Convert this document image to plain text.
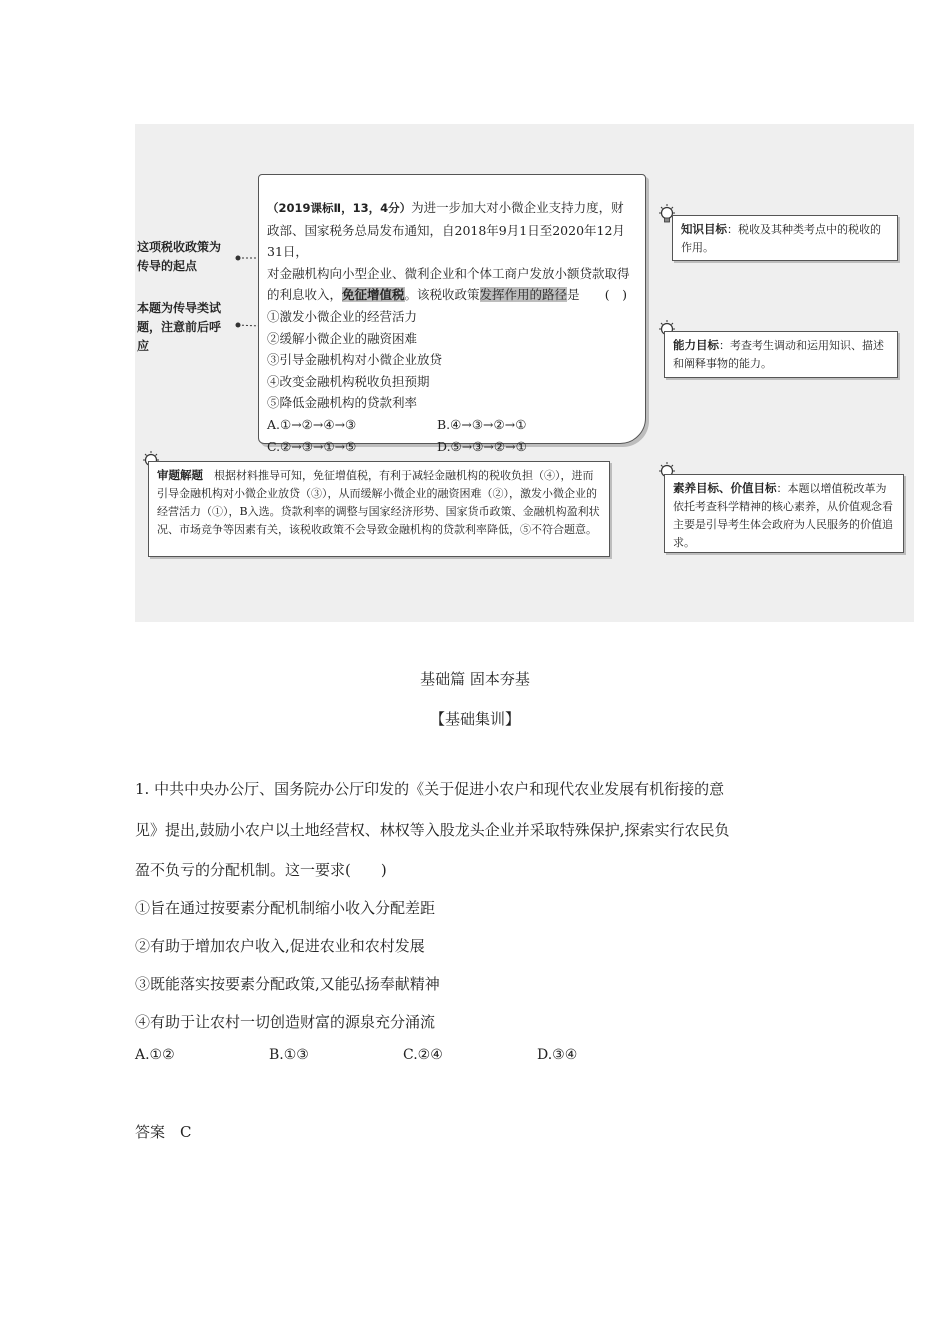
这项税收政策为
传导的起点
本题为传导类试
题，注意前后呼
应
（2019课标Ⅱ，13，4分）为进一步加大对小微企业支持力度，财
政部、国家税务总局发布通知，自2018年9月1日至2020年12月31日，
对金融机构向小型企业、微利企业和个体工商户发放小额贷款取得
的利息收入，免征增值税。该税收政策发挥作用的路径是 (　)
①激发小微企业的经营活力
②缓解小微企业的融资困难
③引导金融机构对小微企业放贷
④改变金融机构税收负担预期
⑤降低金融机构的贷款利率
A.①→②→④→③	B.④→③→②→①
C.②→③→①→⑤	D.⑤→③→②→①
知识目标：税收及其种类考点中的税收的作用。
能力目标：考查考生调动和运用知识、描述和阐释事物的能力。
素养目标、价值目标：本题以增值税改革为依托考查科学精神的核心素养，从价值观念看主要是引导考生体会政府为人民服务的价值追求。
审题解题　根据材料推导可知，免征增值税，有利于减轻金融机构的税收负担（④），进而引导金融机构对小微企业放贷（③），从而缓解小微企业的融资困难（②），激发小微企业的经营活力（①），B入选。贷款利率的调整与国家经济形势、国家货币政策、金融机构盈利状况、市场竞争等因素有关，该税收政策不会导致金融机构的贷款利率降低，⑤不符合题意。
基础篇 固本夯基
【基础集训】
1. 中共中央办公厅、国务院办公厅印发的《关于促进小农户和现代农业发展有机衔接的意
见》提出,鼓励小农户以土地经营权、林权等入股龙头企业并采取特殊保护,探索实行农民负
盈不负亏的分配机制。这一要求(　　)
①旨在通过按要素分配机制缩小收入分配差距
②有助于增加农户收入,促进农业和农村发展
③既能落实按要素分配政策,又能弘扬奉献精神
④有助于让农村一切创造财富的源泉充分涌流
A.①②	B.①③	C.②④	D.③④
答案　C
